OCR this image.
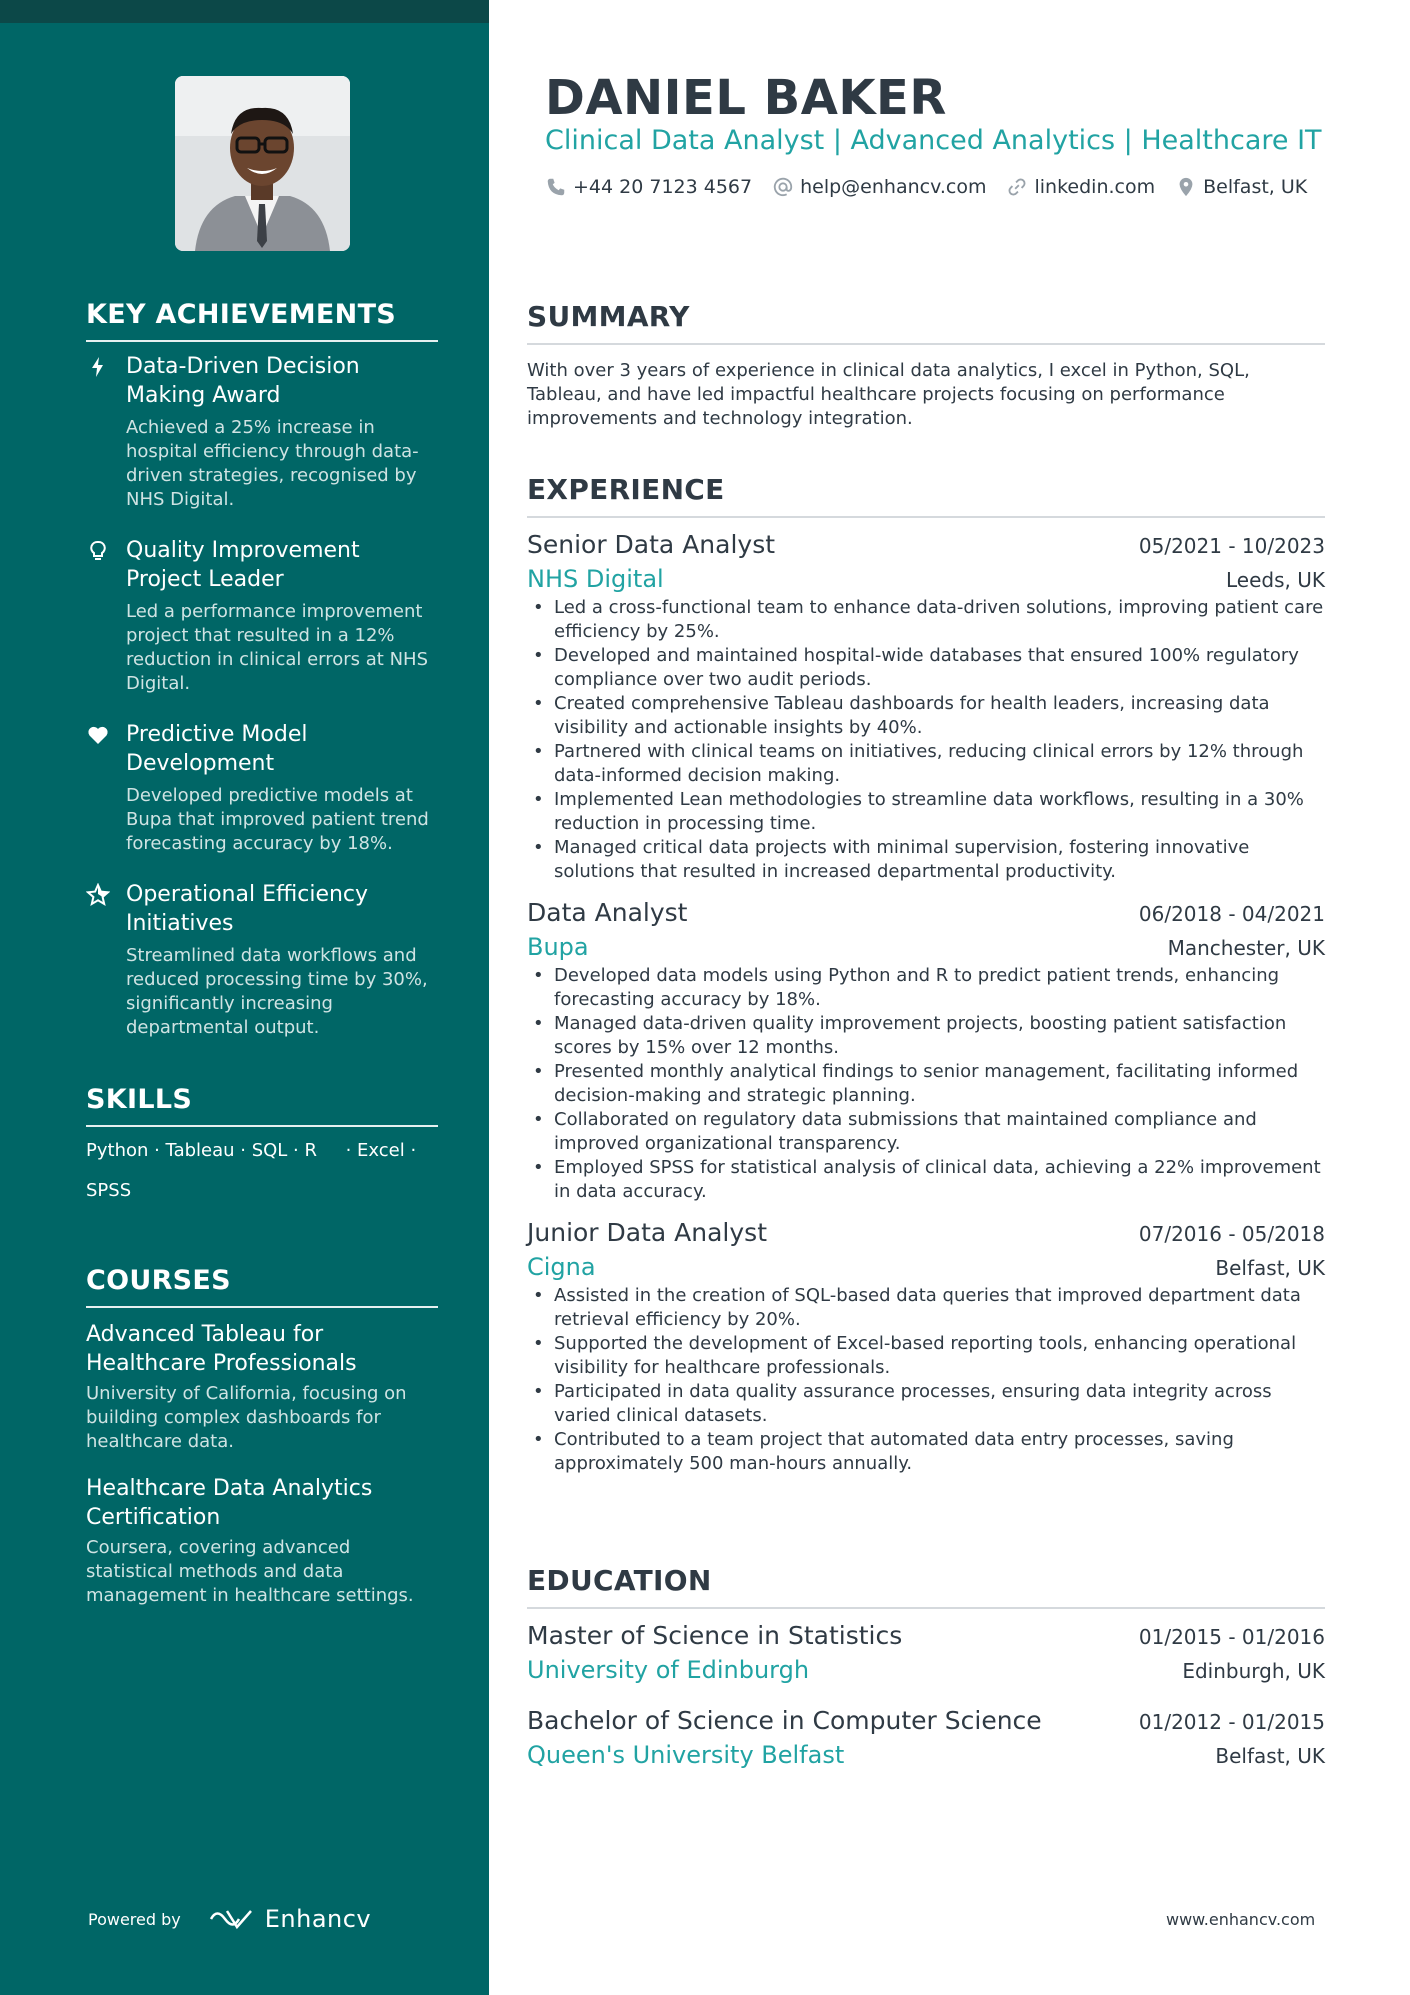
KEY ACHIEVEMENTS
Data-Driven Decision Making Award
Achieved a 25% increase in hospital efficiency through data-driven strategies, recognised by NHS Digital.
Quality Improvement Project Leader
Led a performance improvement project that resulted in a 12% reduction in clinical errors at NHS Digital.
Predictive Model Development
Developed predictive models at Bupa that improved patient trend forecasting accuracy by 18%.
Operational Efficiency Initiatives
Streamlined data workflows and reduced processing time by 30%, significantly increasing departmental output.
SKILLS
Python · Tableau · SQL · R     · Excel ·
SPSS
COURSES
Advanced Tableau for Healthcare Professionals
University of California, focusing on building complex dashboards for healthcare data.
Healthcare Data Analytics Certification
Coursera, covering advanced statistical methods and data management in healthcare settings.
Powered by	Enhancv
DANIEL BAKER
Clinical Data Analyst | Advanced Analytics | Healthcare IT
+44 20 7123 4567	help@enhancv.com	linkedin.com	Belfast, UK
SUMMARY

With over 3 years of experience in clinical data analytics, I excel in Python, SQL, Tableau, and have led impactful healthcare projects focusing on performance improvements and technology integration.

EXPERIENCE
Senior Data Analyst	05/2021 - 10/2023
NHS Digital	Leeds, UK
• Led a cross-functional team to enhance data-driven solutions, improving patient care efficiency by 25%.
• Developed and maintained hospital-wide databases that ensured 100% regulatory compliance over two audit periods.
• Created comprehensive Tableau dashboards for health leaders, increasing data visibility and actionable insights by 40%.
• Partnered with clinical teams on initiatives, reducing clinical errors by 12% through data-informed decision making.
• Implemented Lean methodologies to streamline data workflows, resulting in a 30% reduction in processing time.
• Managed critical data projects with minimal supervision, fostering innovative solutions that resulted in increased departmental productivity.
Data Analyst	06/2018 - 04/2021
Bupa	Manchester, UK
• Developed data models using Python and R to predict patient trends, enhancing forecasting accuracy by 18%.
• Managed data-driven quality improvement projects, boosting patient satisfaction scores by 15% over 12 months.
• Presented monthly analytical findings to senior management, facilitating informed decision-making and strategic planning.
• Collaborated on regulatory data submissions that maintained compliance and improved organizational transparency.
• Employed SPSS for statistical analysis of clinical data, achieving a 22% improvement in data accuracy.
Junior Data Analyst	07/2016 - 05/2018
Cigna	Belfast, UK
• Assisted in the creation of SQL-based data queries that improved department data retrieval efficiency by 20%.
• Supported the development of Excel-based reporting tools, enhancing operational visibility for healthcare professionals.
• Participated in data quality assurance processes, ensuring data integrity across varied clinical datasets.
• Contributed to a team project that automated data entry processes, saving approximately 500 man-hours annually.
EDUCATION
Master of Science in Statistics	01/2015 - 01/2016
University of Edinburgh	Edinburgh, UK
Bachelor of Science in Computer Science	01/2012 - 01/2015
Queen's University Belfast	Belfast, UK
www.enhancv.com
